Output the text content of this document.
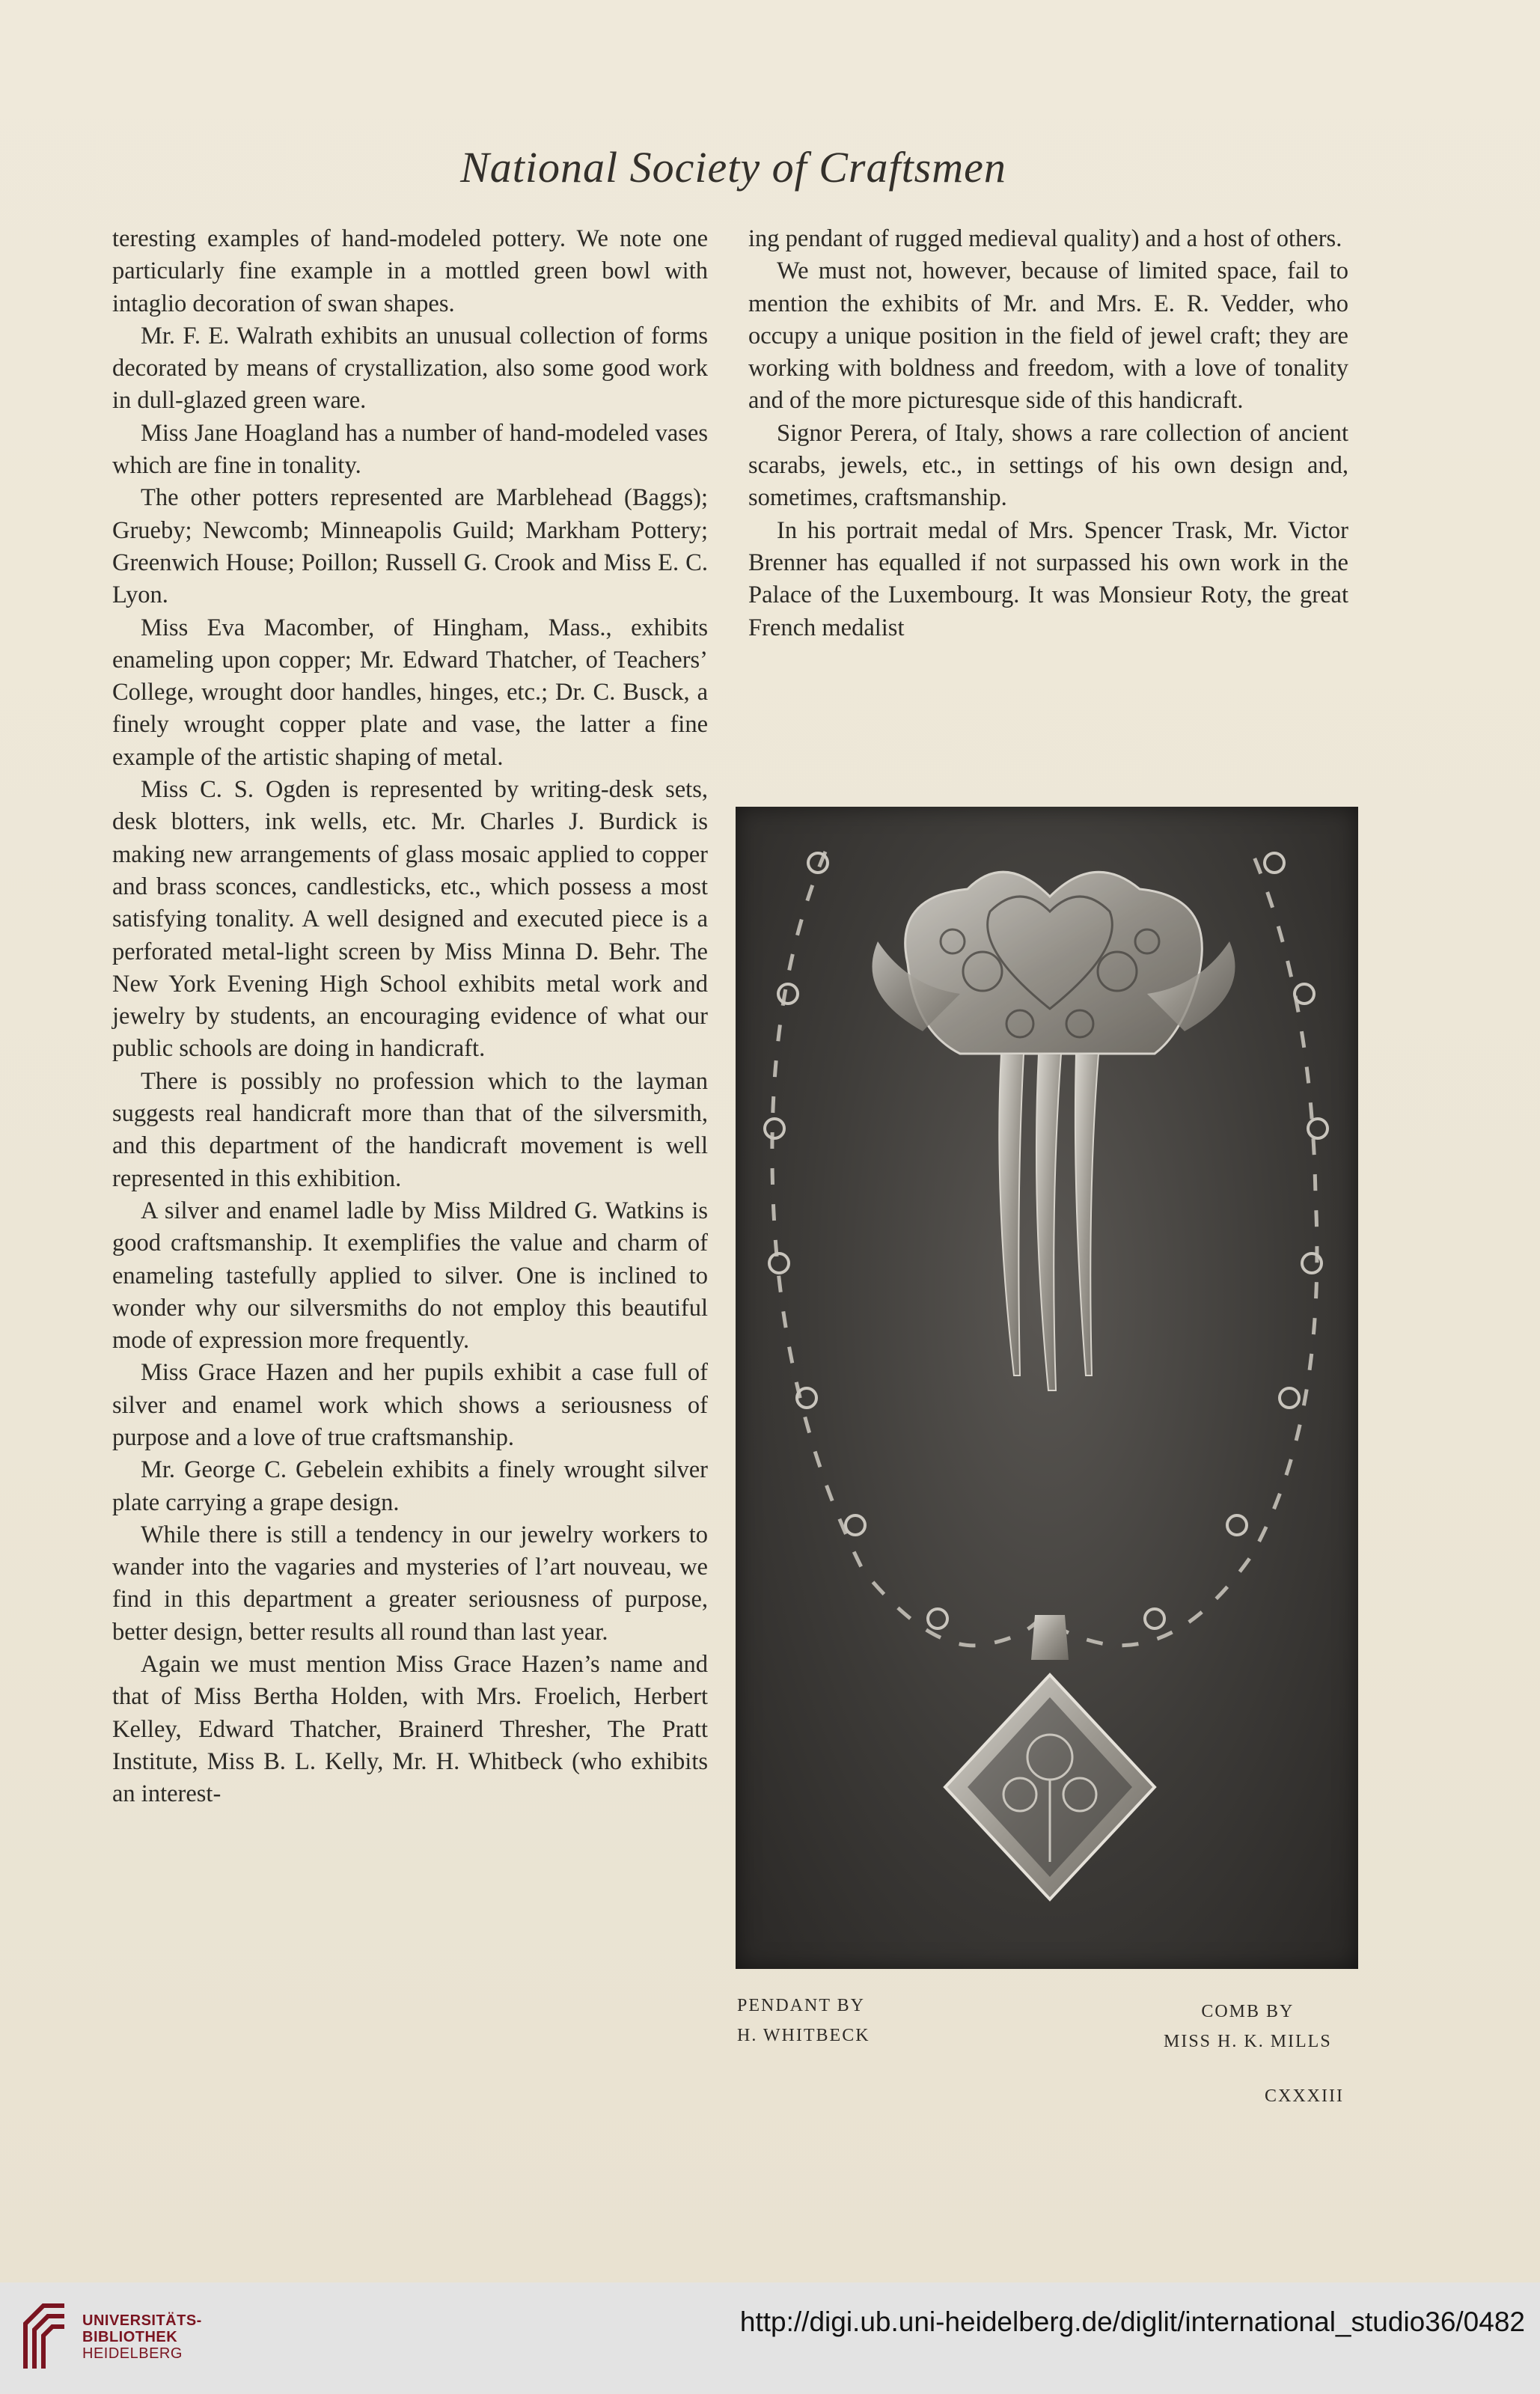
National Society of Craftsmen

teresting examples of hand-modeled pottery. We note one particularly fine example in a mottled green bowl with intaglio decoration of swan shapes.

Mr. F. E. Walrath exhibits an unusual collection of forms decorated by means of crystallization, also some good work in dull-glazed green ware.

Miss Jane Hoagland has a number of hand-modeled vases which are fine in tonality.

The other potters represented are Marblehead (Baggs); Grueby; Newcomb; Minneapolis Guild; Markham Pottery; Greenwich House; Poillon; Russell G. Crook and Miss E. C. Lyon.

Miss Eva Macomber, of Hingham, Mass., exhibits enameling upon copper; Mr. Edward Thatcher, of Teachers’ College, wrought door handles, hinges, etc.; Dr. C. Busck, a finely wrought copper plate and vase, the latter a fine example of the artistic shaping of metal.

Miss C. S. Ogden is represented by writing-desk sets, desk blotters, ink wells, etc. Mr. Charles J. Burdick is making new arrangements of glass mosaic applied to copper and brass sconces, candlesticks, etc., which possess a most satisfying tonality. A well designed and executed piece is a perforated metal-light screen by Miss Minna D. Behr. The New York Evening High School exhibits metal work and jewelry by students, an encouraging evidence of what our public schools are doing in handicraft.

There is possibly no profession which to the layman suggests real handicraft more than that of the silversmith, and this department of the handicraft movement is well represented in this exhibition.

A silver and enamel ladle by Miss Mildred G. Watkins is good craftsmanship. It exemplifies the value and charm of enameling tastefully applied to silver. One is inclined to wonder why our silversmiths do not employ this beautiful mode of expression more frequently.

Miss Grace Hazen and her pupils exhibit a case full of silver and enamel work which shows a seriousness of purpose and a love of true craftsmanship.

Mr. George C. Gebelein exhibits a finely wrought silver plate carrying a grape design.

While there is still a tendency in our jewelry workers to wander into the vagaries and mysteries of l’art nouveau, we find in this department a greater seriousness of purpose, better design, better results all round than last year.

Again we must mention Miss Grace Hazen’s name and that of Miss Bertha Holden, with Mrs. Froelich, Herbert Kelley, Edward Thatcher, Brainerd Thresher, The Pratt Institute, Miss B. L. Kelly, Mr. H. Whitbeck (who exhibits an interest-

ing pendant of rugged medieval quality) and a host of others.

We must not, however, because of limited space, fail to mention the exhibits of Mr. and Mrs. E. R. Vedder, who occupy a unique position in the field of jewel craft; they are working with boldness and freedom, with a love of tonality and of the more picturesque side of this handicraft.

Signor Perera, of Italy, shows a rare collection of ancient scarabs, jewels, etc., in settings of his own design and, sometimes, craftsmanship.

In his portrait medal of Mrs. Spencer Trask, Mr. Victor Brenner has equalled if not surpassed his own work in the Palace of the Luxembourg. It was Monsieur Roty, the great French medalist

PENDANT BY
H. WHITBECK
COMB BY
MISS H. K. MILLS
CXXXIII
UNIVERSITÄTS-
BIBLIOTHEK
HEIDELBERG
http://digi.ub.uni-heidelberg.de/diglit/international_studio36/0482
